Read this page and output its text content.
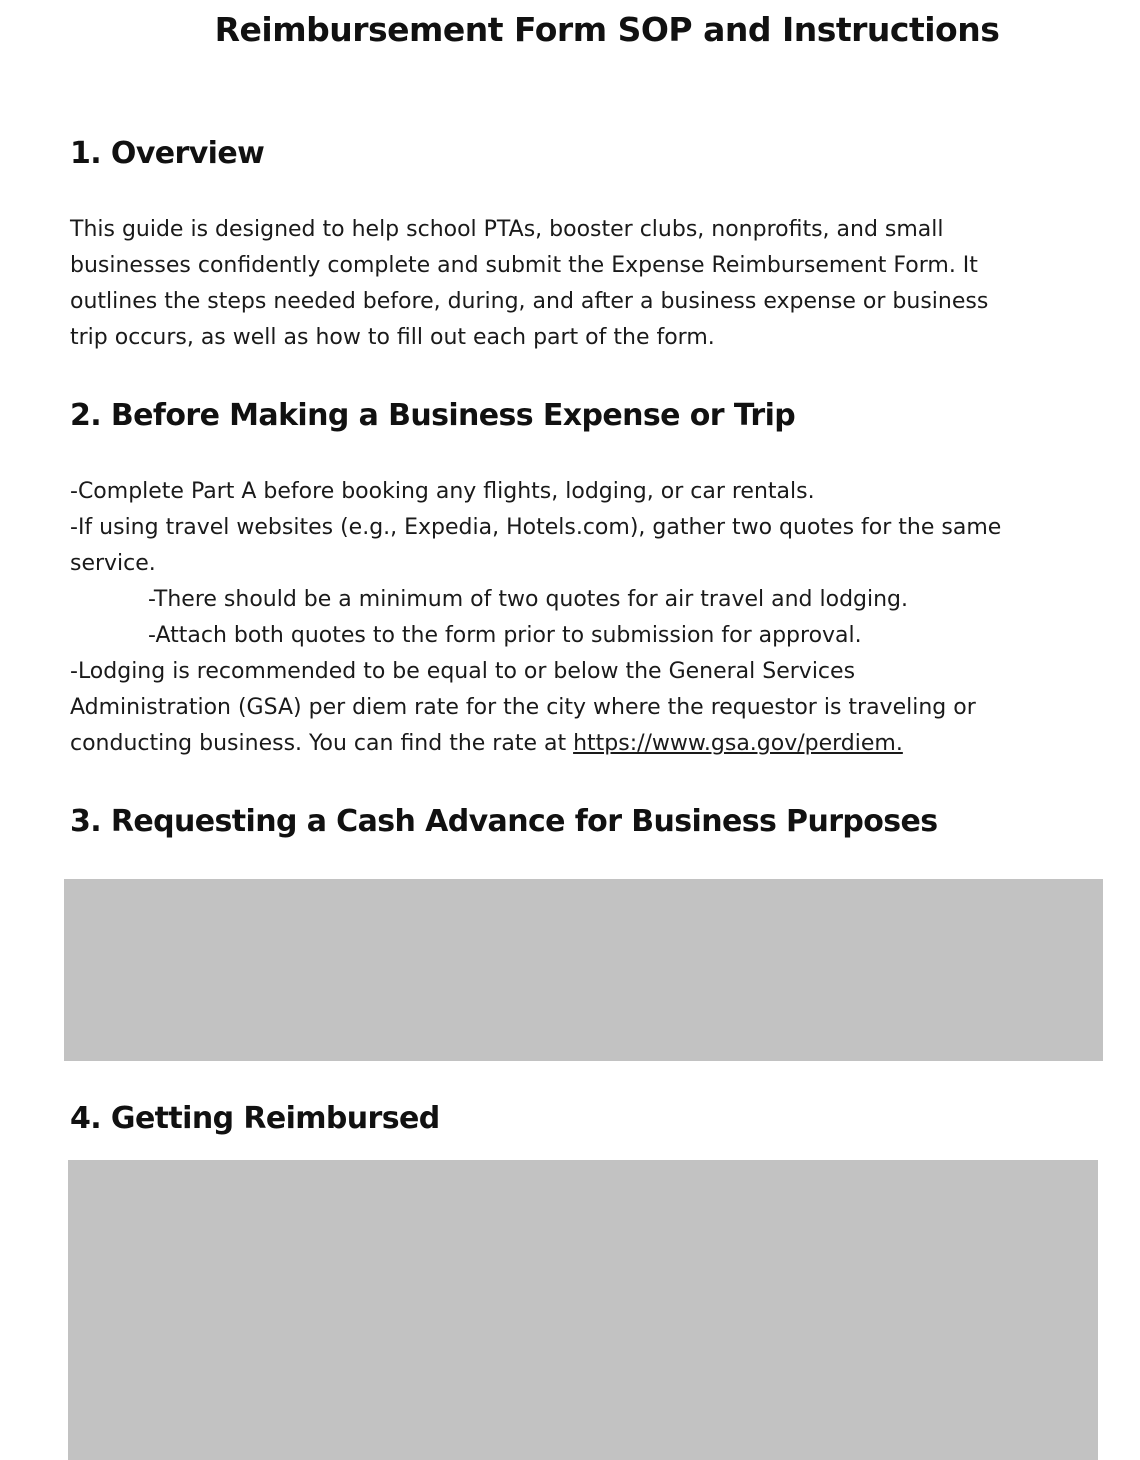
Reimbursement Form SOP and Instructions
1. Overview

This guide is designed to help school PTAs, booster clubs, nonprofits, and small
businesses confidently complete and submit the Expense Reimbursement Form. It
outlines the steps needed before, during, and after a business expense or business
trip occurs, as well as how to fill out each part of the form.

2. Before Making a Business Expense or Trip

-Complete Part A before booking any flights, lodging, or car rentals.
-If using travel websites (e.g., Expedia, Hotels.com), gather two quotes for the same
service.
-There should be a minimum of two quotes for air travel and lodging.
-Attach both quotes to the form prior to submission for approval.
-Lodging is recommended to be equal to or below the General Services
Administration (GSA) per diem rate for the city where the requestor is traveling or
conducting business. You can find the rate at https://www.gsa.gov/perdiem.

3. Requesting a Cash Advance for Business Purposes
4. Getting Reimbursed
